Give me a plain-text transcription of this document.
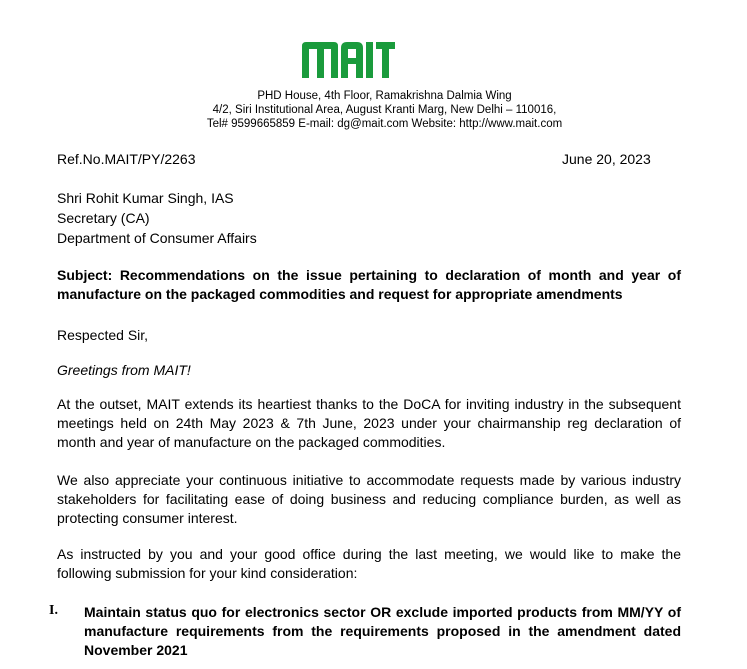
PHD House, 4th Floor, Ramakrishna Dalmia Wing
4/2, Siri Institutional Area, August Kranti Marg, New Delhi – 110016,
Tel# 9599665859 E-mail: dg@mait.com Website: http://www.mait.com
Ref.No.MAIT/PY/2263	June 20, 2023
Shri Rohit Kumar Singh, IAS
Secretary (CA)
Department of Consumer Affairs
Subject: Recommendations on the issue pertaining to declaration of month and year of manufacture on the packaged commodities and request for appropriate amendments
Respected Sir,
Greetings from MAIT!
At the outset, MAIT extends its heartiest thanks to the DoCA for inviting industry in the subsequent meetings held on 24th May 2023 & 7th June, 2023 under your chairmanship reg declaration of month and year of manufacture on the packaged commodities.
We also appreciate your continuous initiative to accommodate requests made by various industry stakeholders for facilitating ease of doing business and reducing compliance burden, as well as protecting consumer interest.
As instructed by you and your good office during the last meeting, we would like to make the following submission for your kind consideration:
I. Maintain status quo for electronics sector OR exclude imported products from MM/YY of manufacture requirements from the requirements proposed in the amendment dated November 2021
